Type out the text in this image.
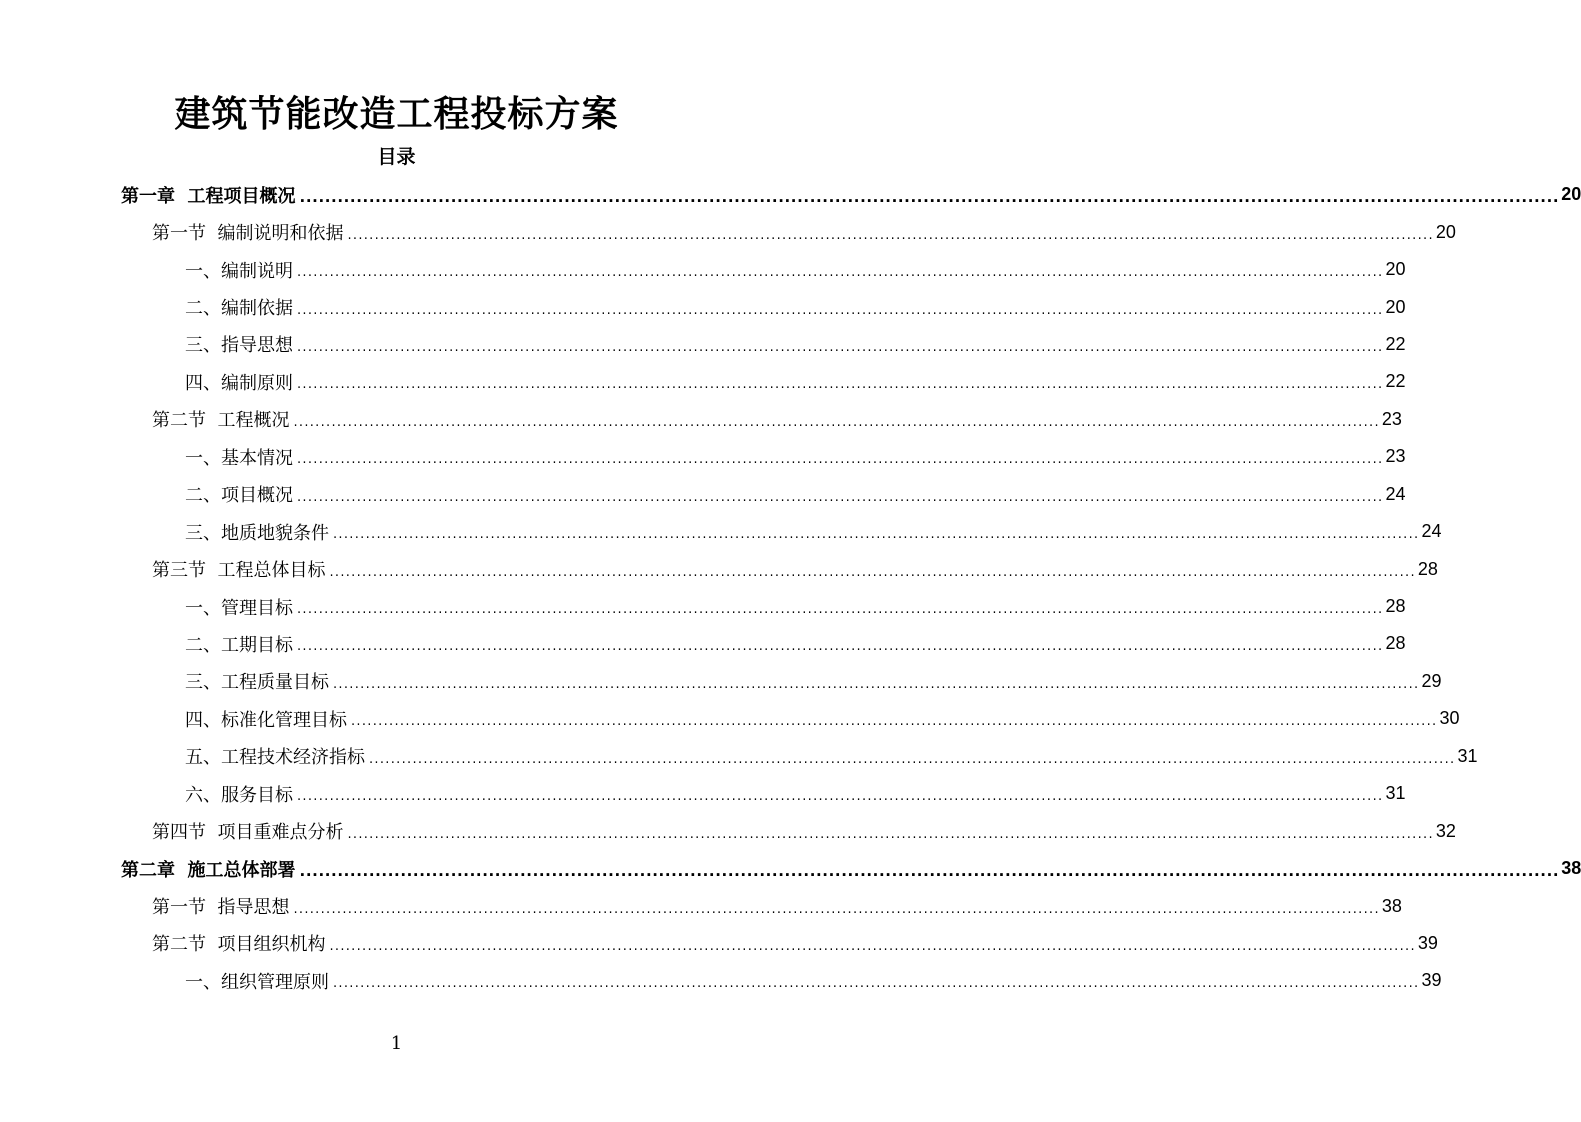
建筑节能改造工程投标方案
目录
第一章  工程项目概况 ........................................................................................................................................................................................................ 20
第一节  编制说明和依据 ........................................................................................................................................................................................................ 20
一、编制说明 ........................................................................................................................................................................................................ 20
二、编制依据 ........................................................................................................................................................................................................ 20
三、指导思想 ........................................................................................................................................................................................................ 22
四、编制原则 ........................................................................................................................................................................................................ 22
第二节  工程概况 ........................................................................................................................................................................................................ 23
一、基本情况 ........................................................................................................................................................................................................ 23
二、项目概况 ........................................................................................................................................................................................................ 24
三、地质地貌条件 ........................................................................................................................................................................................................ 24
第三节  工程总体目标 ........................................................................................................................................................................................................ 28
一、管理目标 ........................................................................................................................................................................................................ 28
二、工期目标 ........................................................................................................................................................................................................ 28
三、工程质量目标 ........................................................................................................................................................................................................ 29
四、标准化管理目标 ........................................................................................................................................................................................................ 30
五、工程技术经济指标 ........................................................................................................................................................................................................ 31
六、服务目标 ........................................................................................................................................................................................................ 31
第四节  项目重难点分析 ........................................................................................................................................................................................................ 32
第二章  施工总体部署 ........................................................................................................................................................................................................ 38
第一节  指导思想 ........................................................................................................................................................................................................ 38
第二节  项目组织机构 ........................................................................................................................................................................................................ 39
一、组织管理原则 ........................................................................................................................................................................................................ 39
1
